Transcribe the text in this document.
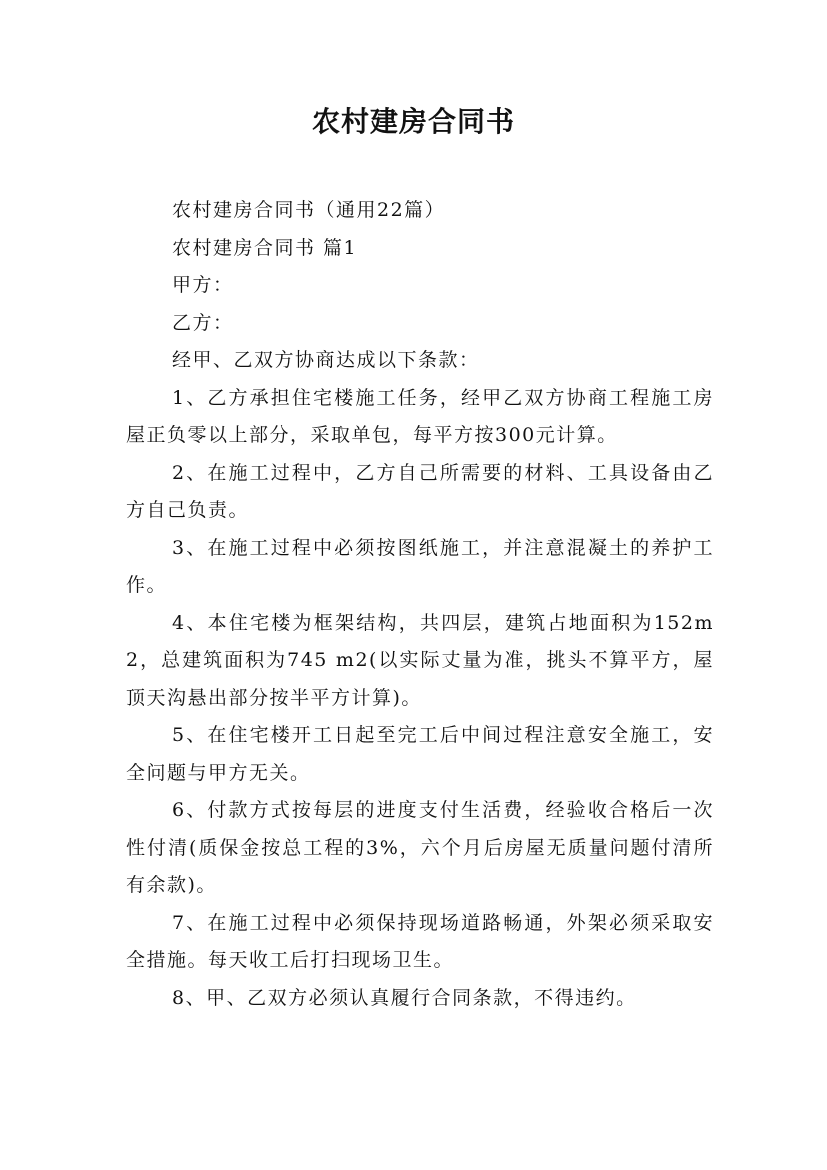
农村建房合同书

农村建房合同书（通用22篇）

农村建房合同书 篇1

甲方：

乙方：

经甲、乙双方协商达成以下条款：

1、乙方承担住宅楼施工任务，经甲乙双方协商工程施工房屋正负零以上部分，采取单包，每平方按300元计算。

2、在施工过程中，乙方自己所需要的材料、工具设备由乙方自己负责。

3、在施工过程中必须按图纸施工，并注意混凝土的养护工作。

4、本住宅楼为框架结构，共四层，建筑占地面积为152m2，总建筑面积为745 m2(以实际丈量为准，挑头不算平方，屋顶天沟悬出部分按半平方计算)。

5、在住宅楼开工日起至完工后中间过程注意安全施工，安全问题与甲方无关。

6、付款方式按每层的进度支付生活费，经验收合格后一次性付清(质保金按总工程的3%，六个月后房屋无质量问题付清所有余款)。

7、在施工过程中必须保持现场道路畅通，外架必须采取安全措施。每天收工后打扫现场卫生。

8、甲、乙双方必须认真履行合同条款，不得违约。
